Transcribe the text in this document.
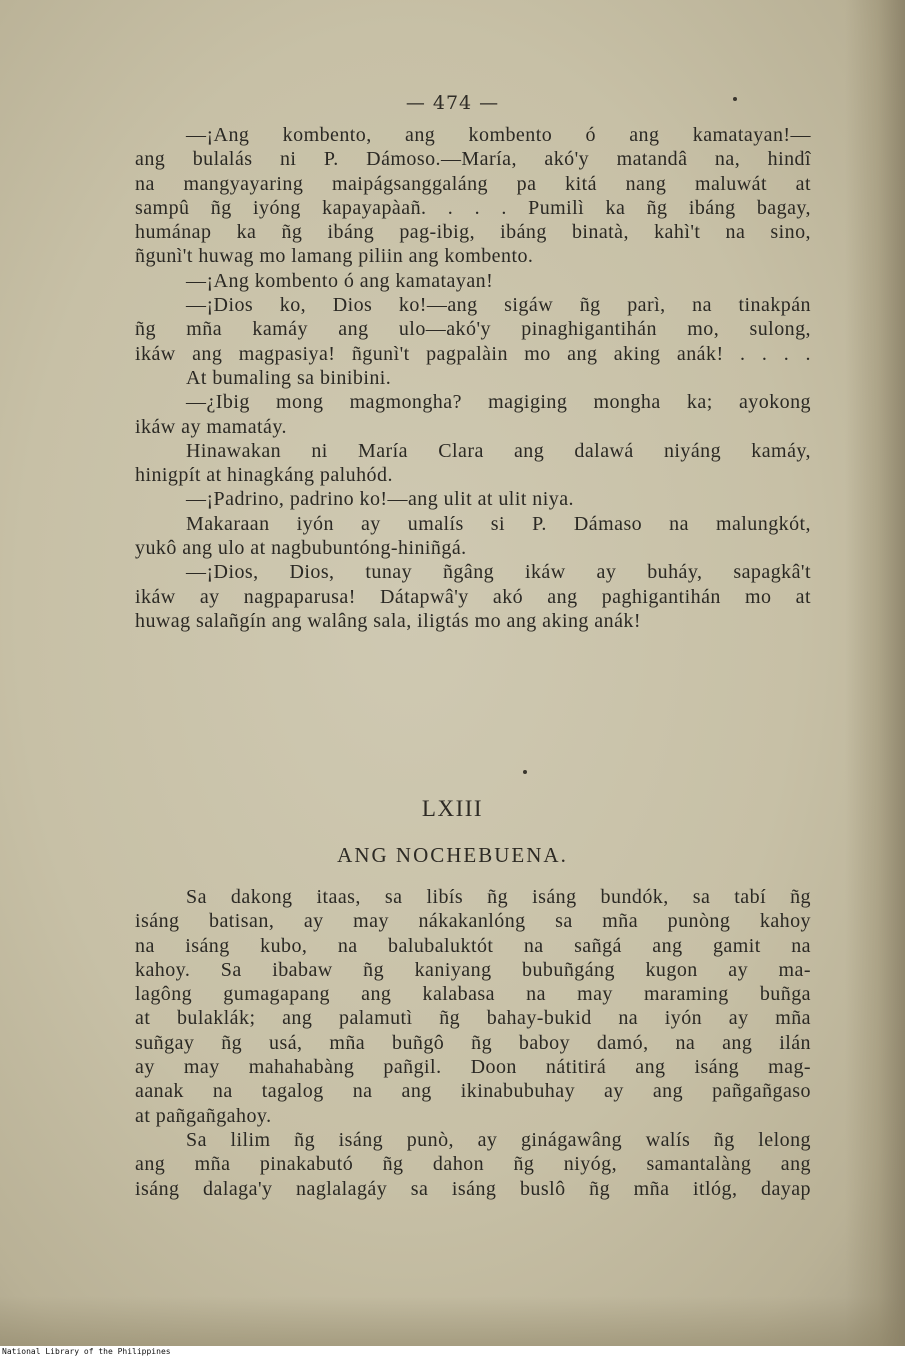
— 474 —
—¡Ang kombento, ang kombento ó ang kamatayan!—
ang bulalás ni P. Dámoso.—María, akó'y matandâ na, hindî
na mangyayaring maipágsanggaláng pa kitá nang maluwát at
sampû ñg iyóng kapayapàañ. . . . Pumilì ka ñg ibáng bagay,
humánap ka ñg ibáng pag-ibig, ibáng binatà, kahì't na sino,
ñgunì't huwag mo lamang piliin ang kombento.
—¡Ang kombento ó ang kamatayan!
—¡Dios ko, Dios ko!—ang sigáw ñg parì, na tinakpán
ñg mña kamáy ang ulo—akó'y pinaghigantihán mo, sulong,
ikáw ang magpasiya! ñgunì't pagpalàin mo ang aking anák! . . . .
At bumaling sa binibini.
—¿Ibig mong magmongha? magiging mongha ka; ayokong
ikáw ay mamatáy.
Hinawakan ni María Clara ang dalawá niyáng kamáy,
hinigpít at hinagkáng paluhód.
—¡Padrino, padrino ko!—ang ulit at ulit niya.
Makaraan iyón ay umalís si P. Dámaso na malungkót,
yukô ang ulo at nagbubuntóng-hiniñgá.
—¡Dios, Dios, tunay ñgâng ikáw ay buháy, sapagkâ't
ikáw ay nagpaparusa! Dátapwâ'y akó ang paghigantihán mo at
huwag salañgín ang walâng sala, iligtás mo ang aking anák!
LXIII
ANG NOCHEBUENA.
Sa dakong itaas, sa libís ñg isáng bundók, sa tabí ñg
isáng batisan, ay may nákakanlóng sa mña punòng kahoy
na isáng kubo, na balubaluktót na sañgá ang gamit na
kahoy. Sa ibabaw ñg kaniyang bubuñgáng kugon ay ma-
lagông gumagapang ang kalabasa na may maraming buñga
at bulaklák; ang palamutì ñg bahay-bukid na iyón ay mña
suñgay ñg usá, mña buñgô ñg baboy damó, na ang ilán
ay may mahahabàng pañgil. Doon nátitirá ang isáng mag-
aanak na tagalog na ang ikinabubuhay ay ang pañgañgaso
at pañgañgahoy.
Sa lilim ñg isáng punò, ay ginágawâng walís ñg lelong
ang mña pinakabutó ñg dahon ñg niyóg, samantalàng ang
isáng dalaga'y naglalagáy sa isáng buslô ñg mña itlóg, dayap
National Library of the Philippines
